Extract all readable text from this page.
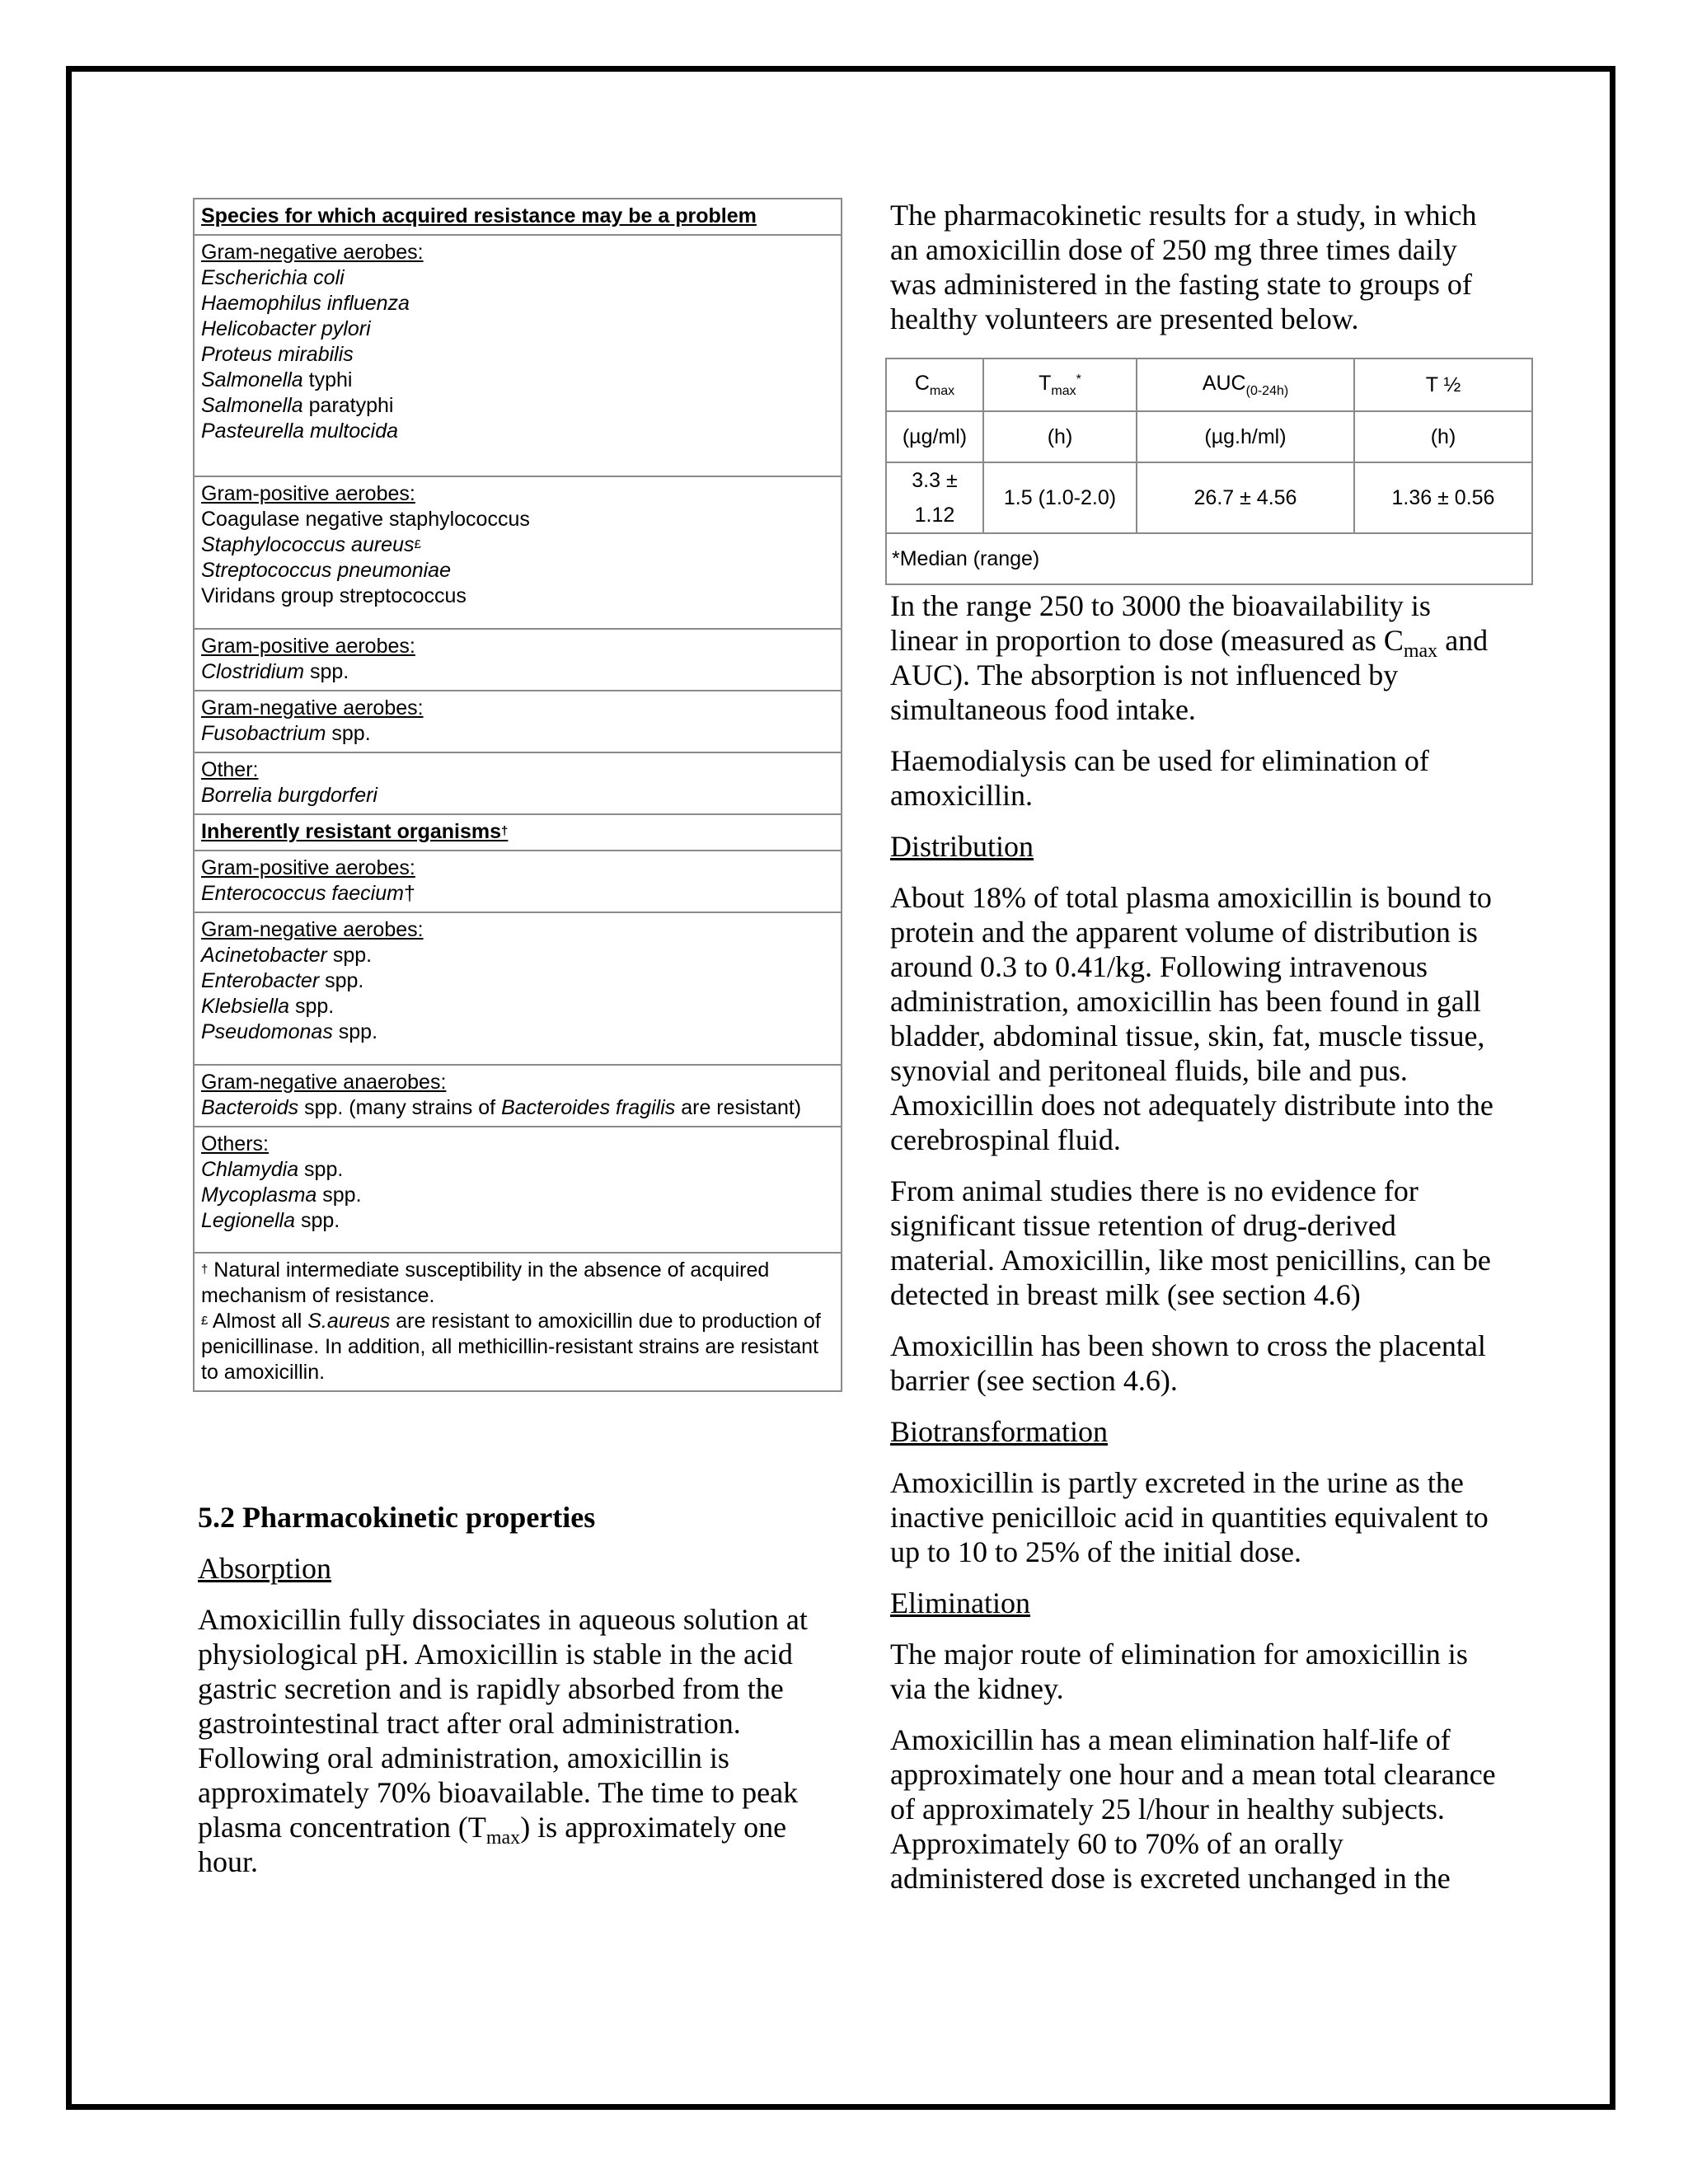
Species for which acquired resistance may be a problem

Gram-negative aerobes:
Escherichia coli
Haemophilus influenza
Helicobacter pylori
Proteus mirabilis
Salmonella typhi
Salmonella paratyphi
Pasteurella multocida

Gram-positive aerobes:
Coagulase negative staphylococcus
Staphylococcus aureus£
Streptococcus pneumoniae
Viridans group streptococcus

Gram-positive aerobes:
Clostridium spp.

Gram-negative aerobes:
Fusobactrium spp.

Other:
Borrelia burgdorferi

Inherently resistant organisms†

Gram-positive aerobes:
Enterococcus faecium†

Gram-negative aerobes:
Acinetobacter spp.
Enterobacter spp.
Klebsiella spp.
Pseudomonas spp.

Gram-negative anaerobes:
Bacteroids spp. (many strains of Bacteroides fragilis are resistant)

Others:
Chlamydia spp.
Mycoplasma spp.
Legionella spp.

† Natural intermediate susceptibility in the absence of acquired mechanism of resistance.
£ Almost all S.aureus are resistant to amoxicillin due to production of penicillinase. In addition, all methicillin-resistant strains are resistant to amoxicillin.
5.2 Pharmacokinetic properties
Absorption

Amoxicillin fully dissociates in aqueous solution at physiological pH. Amoxicillin is stable in the acid gastric secretion and is rapidly absorbed from the gastrointestinal tract after oral administration. Following oral administration, amoxicillin is approximately 70% bioavailable. The time to peak plasma concentration $(T_{max})$ is approximately one hour.

The pharmacokinetic results for a study, in which an amoxicillin dose of 250 mg three times daily was administered in the fasting state to groups of healthy volunteers are presented below.

$C_{max}$	$T_{max}^*$	$AUC_{(0-24h)}$	T ½
(µg/ml)	(h)	(µg.h/ml)	(h)
3.3 ± 1.12	1.5 (1.0-2.0)	26.7 ± 4.56	1.36 ± 0.56
*Median (range)			

In the range 250 to 3000 the bioavailability is linear in proportion to dose (measured as $C_{max}$ and AUC). The absorption is not influenced by simultaneous food intake.

Haemodialysis can be used for elimination of amoxicillin.

Distribution

About 18% of total plasma amoxicillin is bound to protein and the apparent volume of distribution is around 0.3 to 0.41/kg. Following intravenous administration, amoxicillin has been found in gall bladder, abdominal tissue, skin, fat, muscle tissue, synovial and peritoneal fluids, bile and pus. Amoxicillin does not adequately distribute into the cerebrospinal fluid.

From animal studies there is no evidence for significant tissue retention of drug-derived material. Amoxicillin, like most penicillins, can be detected in breast milk (see section 4.6)

Amoxicillin has been shown to cross the placental barrier (see section 4.6).

Biotransformation

Amoxicillin is partly excreted in the urine as the inactive penicilloic acid in quantities equivalent to up to 10 to 25% of the initial dose.

Elimination

The major route of elimination for amoxicillin is via the kidney.

Amoxicillin has a mean elimination half-life of approximately one hour and a mean total clearance of approximately 25 l/hour in healthy subjects. Approximately 60 to 70% of an orally administered dose is excreted unchanged in the
